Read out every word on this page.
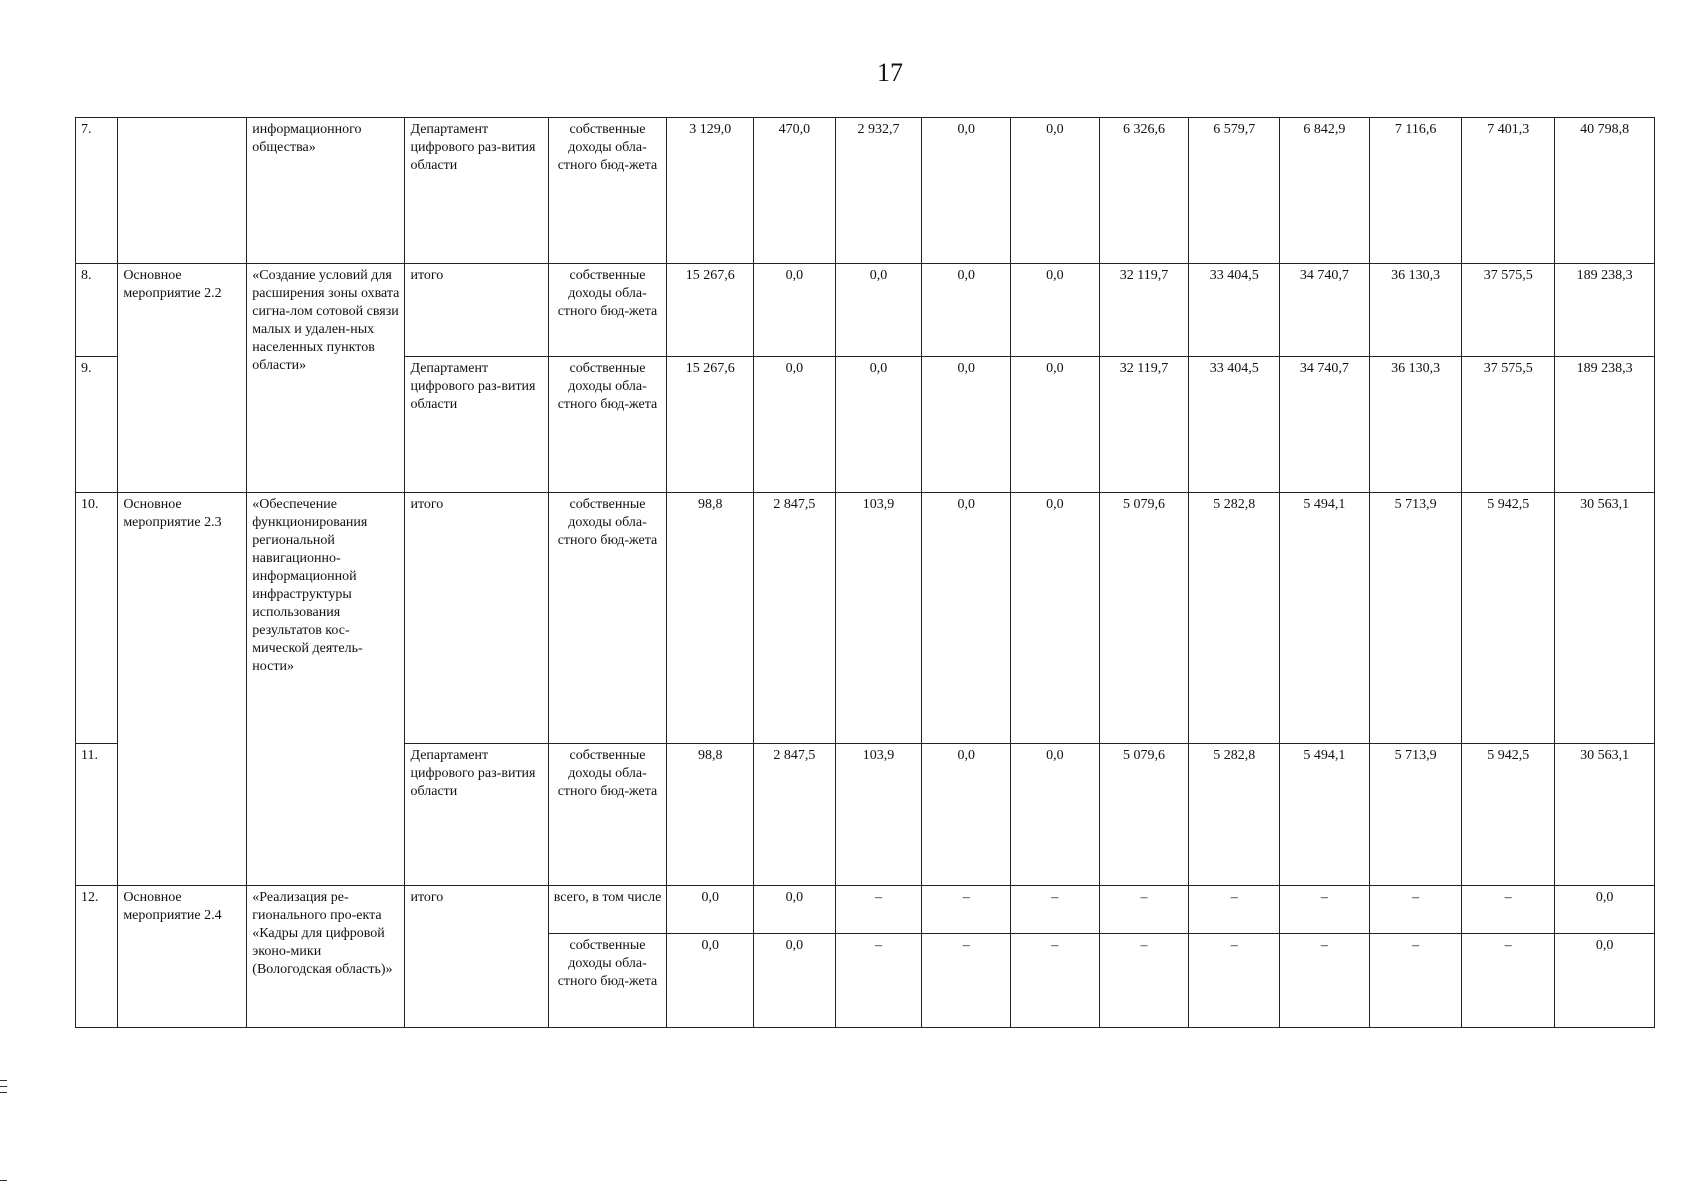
17
7.		информационного общества»	Департамент цифрового раз-вития области	собственные доходы обла-стного бюд-жета	3 129,0	470,0	2 932,7	0,0	0,0	6 326,6	6 579,7	6 842,9	7 116,6	7 401,3	40 798,8
8.	Основное мероприятие 2.2	«Создание условий для расширения зоны охвата сигна-лом сотовой связи малых и удален-ных населенных пунктов области»	итого	собственные доходы обла-стного бюд-жета	15 267,6	0,0	0,0	0,0	0,0	32 119,7	33 404,5	34 740,7	36 130,3	37 575,5	189 238,3
9.			Департамент цифрового раз-вития области	собственные доходы обла-стного бюд-жета	15 267,6	0,0	0,0	0,0	0,0	32 119,7	33 404,5	34 740,7	36 130,3	37 575,5	189 238,3
10.	Основное мероприятие 2.3	«Обеспечение функционирования региональной навигационно-информационной инфраструктуры использования результатов кос-мической деятель-ности»	итого	собственные доходы обла-стного бюд-жета	98,8	2 847,5	103,9	0,0	0,0	5 079,6	5 282,8	5 494,1	5 713,9	5 942,5	30 563,1
11.			Департамент цифрового раз-вития области	собственные доходы обла-стного бюд-жета	98,8	2 847,5	103,9	0,0	0,0	5 079,6	5 282,8	5 494,1	5 713,9	5 942,5	30 563,1
12.	Основное мероприятие 2.4	«Реализация ре-гионального про-екта «Кадры для цифровой эконо-мики (Вологодская область)»	итого	всего, в том числе	0,0	0,0	–	–	–	–	–	–	–	–	0,0
				собственные доходы обла-стного бюд-жета	0,0	0,0	–	–	–	–	–	–	–	–	0,0
